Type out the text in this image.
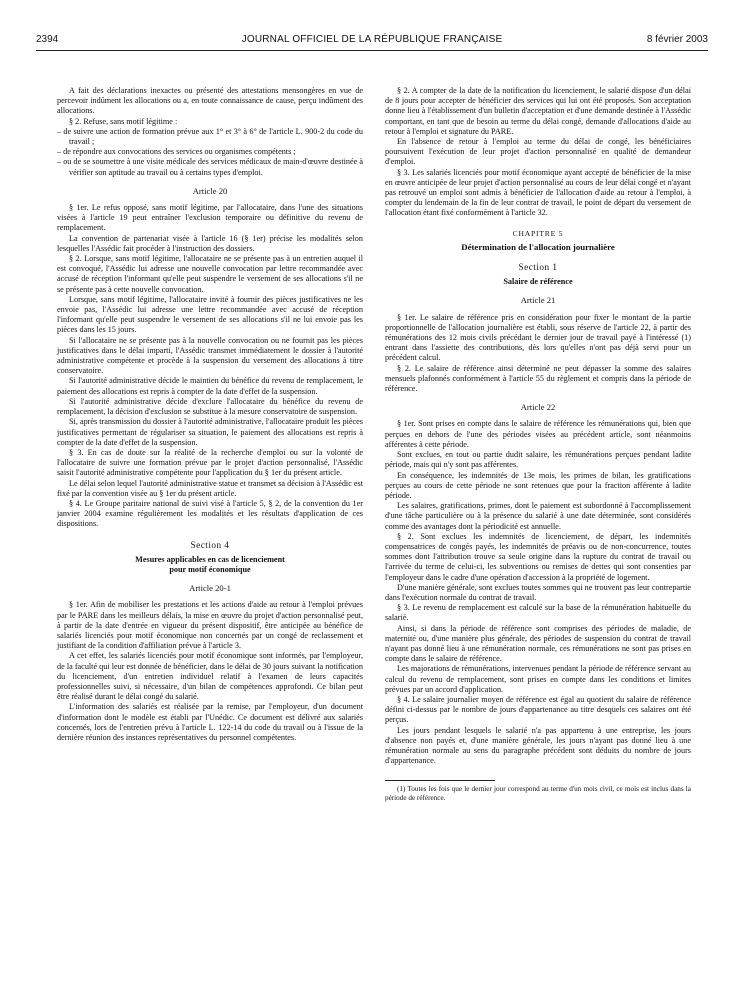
2394	JOURNAL OFFICIEL DE LA RÉPUBLIQUE FRANÇAISE	8 février 2003

A fait des déclarations inexactes ou présenté des attestations mensongères en vue de percevoir indûment les allocations ou a, en toute connaissance de cause, perçu indûment des allocations.

§ 2. Refuse, sans motif légitime :

– de suivre une action de formation prévue aux 1° et 3° à 6° de l'article L. 900-2 du code du travail ;

– de répondre aux convocations des services ou organismes compétents ;

– ou de se soumettre à une visite médicale des services médicaux de main-d'œuvre destinée à vérifier son aptitude au travail ou à certains types d'emploi.

Article 20

§ 1er. Le refus opposé, sans motif légitime, par l'allocataire, dans l'une des situations visées à l'article 19 peut entraîner l'exclusion temporaire ou définitive du revenu de remplacement.

La convention de partenariat visée à l'article 16 (§ 1er) précise les modalités selon lesquelles l'Assédic fait procéder à l'instruction des dossiers.

§ 2. Lorsque, sans motif légitime, l'allocataire ne se présente pas à un entretien auquel il est convoqué, l'Assédic lui adresse une nouvelle convocation par lettre recommandée avec accusé de réception l'informant qu'elle peut suspendre le versement de ses allocations s'il ne se présente pas à cette nouvelle convocation.

Lorsque, sans motif légitime, l'allocataire invité à fournir des pièces justificatives ne les envoie pas, l'Assédic lui adresse une lettre recommandée avec accusé de réception l'informant qu'elle peut suspendre le versement de ses allocations s'il ne lui envoie pas les pièces dans les 15 jours.

Si l'allocataire ne se présente pas à la nouvelle convocation ou ne fournit pas les pièces justificatives dans le délai imparti, l'Assédic transmet immédiatement le dossier à l'autorité administrative compétente et procède à la suspension du versement des allocations à titre conservatoire.

Si l'autorité administrative décide le maintien du bénéfice du revenu de remplacement, le paiement des allocations est repris à compter de la date d'effet de la suspension.

Si l'autorité administrative décide d'exclure l'allocataire du bénéfice du revenu de remplacement, la décision d'exclusion se substitue à la mesure conservatoire de suspension.

Si, après transmission du dossier à l'autorité administrative, l'allocataire produit les pièces justificatives permettant de régulariser sa situation, le paiement des allocations est repris à compter de la date d'effet de la suspension.

§ 3. En cas de doute sur la réalité de la recherche d'emploi ou sur la volonté de l'allocataire de suivre une formation prévue par le projet d'action personnalisé, l'Assédic saisit l'autorité administrative compétente pour l'application du § 1er du présent article.

Le délai selon lequel l'autorité administrative statue et transmet sa décision à l'Assédic est fixé par la convention visée au § 1er du présent article.

§ 4. Le Groupe paritaire national de suivi visé à l'article 5, § 2, de la convention du 1er janvier 2004 examine régulièrement les modalités et les résultats d'application de ces dispositions.

Section 4
Mesures applicables en cas de licenciement
pour motif économique
Article 20-1

§ 1er. Afin de mobiliser les prestations et les actions d'aide au retour à l'emploi prévues par le PARE dans les meilleurs délais, la mise en œuvre du projet d'action personnalisé peut, à partir de la date d'entrée en vigueur du présent dispositif, être anticipée au bénéfice de salariés licenciés pour motif économique non concernés par un congé de reclassement et justifiant de la condition d'affiliation prévue à l'article 3.

A cet effet, les salariés licenciés pour motif économique sont informés, par l'employeur, de la faculté qui leur est donnée de bénéficier, dans le délai de 30 jours suivant la notification du licenciement, d'un entretien individuel relatif à l'examen de leurs capacités professionnelles suivi, si nécessaire, d'un bilan de compétences approfondi. Ce bilan peut être réalisé durant le délai congé du salarié.

L'information des salariés est réalisée par la remise, par l'employeur, d'un document d'information dont le modèle est établi par l'Unédic. Ce document est délivré aux salariés concernés, lors de l'entretien prévu à l'article L. 122-14 du code du travail ou à l'issue de la dernière réunion des instances représentatives du personnel compétentes.

§ 2. A compter de la date de la notification du licenciement, le salarié dispose d'un délai de 8 jours pour accepter de bénéficier des services qui lui ont été proposés. Son acceptation donne lieu à l'établissement d'un bulletin d'acceptation et d'une demande destinée à l'Assédic comportant, en tant que de besoin au terme du délai congé, demande d'allocations d'aide au retour à l'emploi et signature du PARE.

En l'absence de retour à l'emploi au terme du délai de congé, les bénéficiaires poursuivent l'exécution de leur projet d'action personnalisé en qualité de demandeur d'emploi.

§ 3. Les salariés licenciés pour motif économique ayant accepté de bénéficier de la mise en œuvre anticipée de leur projet d'action personnalisé au cours de leur délai congé et n'ayant pas retrouvé un emploi sont admis à bénéficier de l'allocation d'aide au retour à l'emploi, à compter du lendemain de la fin de leur contrat de travail, le point de départ du versement de l'allocation étant fixé conformément à l'article 32.

CHAPITRE 5
Détermination de l'allocation journalière
Section 1
Salaire de référence
Article 21

§ 1er. Le salaire de référence pris en considération pour fixer le montant de la partie proportionnelle de l'allocation journalière est établi, sous réserve de l'article 22, à partir des rémunérations des 12 mois civils précédant le dernier jour de travail payé à l'intéressé (1) entrant dans l'assiette des contributions, dès lors qu'elles n'ont pas déjà servi pour un précédent calcul.

§ 2. Le salaire de référence ainsi déterminé ne peut dépasser la somme des salaires mensuels plafonnés conformément à l'article 55 du règlement et compris dans la période de référence.

Article 22

§ 1er. Sont prises en compte dans le salaire de référence les rémunérations qui, bien que perçues en dehors de l'une des périodes visées au précédent article, sont néanmoins afférentes à cette période.

Sont exclues, en tout ou partie dudit salaire, les rémunérations perçues pendant ladite période, mais qui n'y sont pas afférentes.

En conséquence, les indemnités de 13e mois, les primes de bilan, les gratifications perçues au cours de cette période ne sont retenues que pour la fraction afférente à ladite période.

Les salaires, gratifications, primes, dont le paiement est subordonné à l'accomplissement d'une tâche particulière ou à la présence du salarié à une date déterminée, sont considérés comme des avantages dont la périodicité est annuelle.

§ 2. Sont exclues les indemnités de licenciement, de départ, les indemnités compensatrices de congés payés, les indemnités de préavis ou de non-concurrence, toutes sommes dont l'attribution trouve sa seule origine dans la rupture du contrat de travail ou l'arrivée du terme de celui-ci, les subventions ou remises de dettes qui sont consenties par l'employeur dans le cadre d'une opération d'accession à la propriété de logement.

D'une manière générale, sont exclues toutes sommes qui ne trouvent pas leur contrepartie dans l'exécution normale du contrat de travail.

§ 3. Le revenu de remplacement est calculé sur la base de la rémunération habituelle du salarié.

Ainsi, si dans la période de référence sont comprises des périodes de maladie, de maternité ou, d'une manière plus générale, des périodes de suspension du contrat de travail n'ayant pas donné lieu à une rémunération normale, ces rémunérations ne sont pas prises en compte dans le salaire de référence.

Les majorations de rémunérations, intervenues pendant la période de référence servant au calcul du revenu de remplacement, sont prises en compte dans les conditions et limites prévues par un accord d'application.

§ 4. Le salaire journalier moyen de référence est égal au quotient du salaire de référence défini ci-dessus par le nombre de jours d'appartenance au titre desquels ces salaires ont été perçus.

Les jours pendant lesquels le salarié n'a pas appartenu à une entreprise, les jours d'absence non payés et, d'une manière générale, les jours n'ayant pas donné lieu à une rémunération normale au sens du paragraphe précédent sont déduits du nombre de jours d'appartenance.

(1) Toutes les fois que le dernier jour correspond au terme d'un mois civil, ce mois est inclus dans la période de référence.
